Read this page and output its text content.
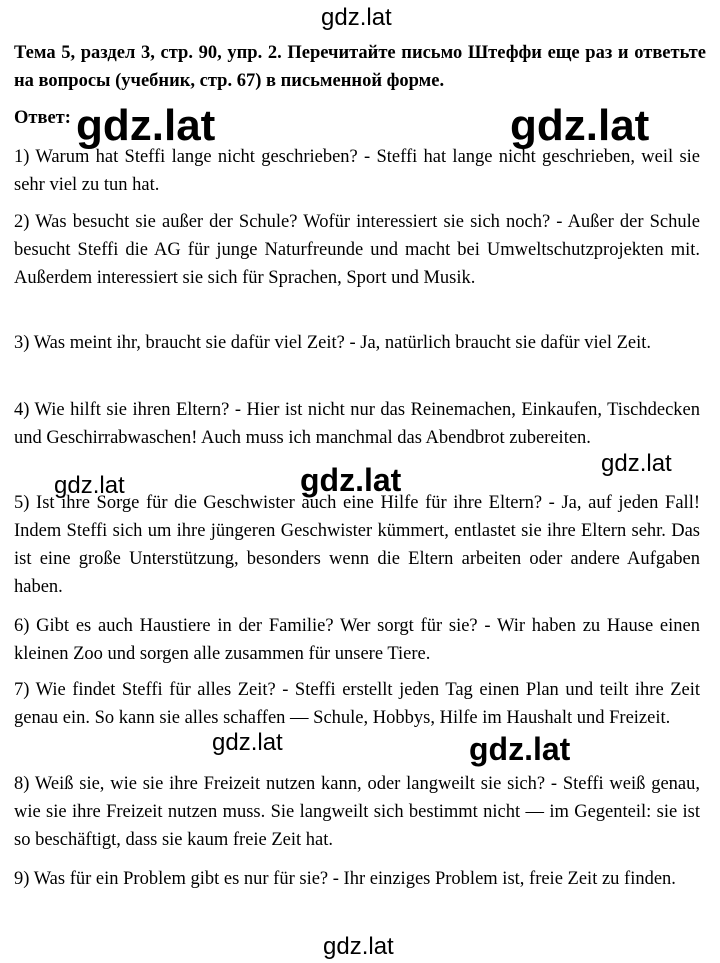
Тема 5, раздел 3, стр. 90, упр. 2. Перечитайте письмо Штеффи еще раз и ответьте на вопросы (учебник, стр. 67) в письменной форме.

Ответ:

1) Warum hat Steffi lange nicht geschrieben? - Steffi hat lange nicht geschrieben, weil sie sehr viel zu tun hat.

2) Was besucht sie außer der Schule? Wofür interessiert sie sich noch? - Außer der Schule besucht Steffi die AG für junge Naturfreunde und macht bei Umweltschutzprojekten mit. Außerdem interessiert sie sich für Sprachen, Sport und Musik.

3) Was meint ihr, braucht sie dafür viel Zeit? - Ja, natürlich braucht sie dafür viel Zeit.

4) Wie hilft sie ihren Eltern? - Hier ist nicht nur das Reinemachen, Einkaufen, Tischdecken und Geschirrabwaschen! Auch muss ich manchmal das Abendbrot zubereiten.

5) Ist ihre Sorge für die Geschwister auch eine Hilfe für ihre Eltern? - Ja, auf jeden Fall! Indem Steffi sich um ihre jüngeren Geschwister kümmert, entlastet sie ihre Eltern sehr. Das ist eine große Unterstützung, besonders wenn die Eltern arbeiten oder andere Aufgaben haben.

6) Gibt es auch Haustiere in der Familie? Wer sorgt für sie? - Wir haben zu Hause einen kleinen Zoo und sorgen alle zusammen für unsere Tiere.

7) Wie findet Steffi für alles Zeit? - Steffi erstellt jeden Tag einen Plan und teilt ihre Zeit genau ein. So kann sie alles schaffen — Schule, Hobbys, Hilfe im Haushalt und Freizeit.

8) Weiß sie, wie sie ihre Freizeit nutzen kann, oder langweilt sie sich? - Steffi weiß genau, wie sie ihre Freizeit nutzen muss. Sie langweilt sich bestimmt nicht — im Gegenteil: sie ist so beschäftigt, dass sie kaum freie Zeit hat.

9) Was für ein Problem gibt es nur für sie? - Ihr einziges Problem ist, freie Zeit zu finden.

gdz.lat
gdz.lat	gdz.lat
gdz.lat	gdz.lat	gdz.lat
gdz.lat	gdz.lat
gdz.lat
